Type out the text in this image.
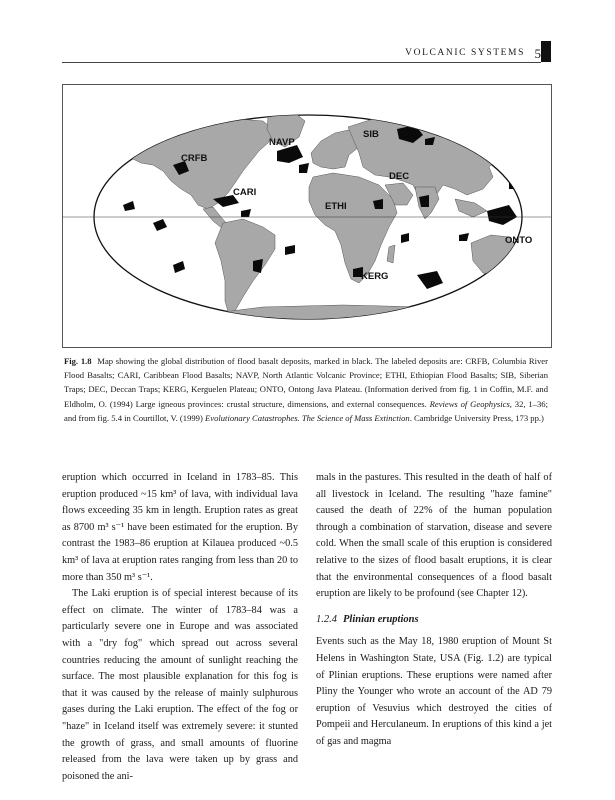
VOLCANIC SYSTEMS 5
CRFB
NAVP
SIB
CARI
DEC
ETHI
ONTO
KERG

Fig. 1.8 Map showing the global distribution of flood basalt deposits, marked in black. The labeled deposits are: CRFB, Columbia River Flood Basalts; CARI, Caribbean Flood Basalts; NAVP, North Atlantic Volcanic Province; ETHI, Ethiopian Flood Basalts; SIB, Siberian Traps; DEC, Deccan Traps; KERG, Kerguelen Plateau; ONTO, Ontong Java Plateau. (Information derived from fig. 1 in Coffin, M.F. and Eldholm, O. (1994) Large igneous provinces: crustal structure, dimensions, and external consequences. Reviews of Geophysics, 32, 1–36; and from fig. 5.4 in Courtillot, V. (1999) Evolutionary Catastrophes. The Science of Mass Extinction. Cambridge University Press, 173 pp.)

eruption which occurred in Iceland in 1783–85. This eruption produced ~15 km³ of lava, with individual lava flows exceeding 35 km in length. Eruption rates as great as 8700 m³ s⁻¹ have been estimated for the eruption. By contrast the 1983–86 eruption at Kilauea produced ~0.5 km³ of lava at eruption rates ranging from less than 20 to more than 350 m³ s⁻¹.

The Laki eruption is of special interest because of its effect on climate. The winter of 1783–84 was a particularly severe one in Europe and was associated with a "dry fog" which spread out across several countries reducing the amount of sunlight reaching the surface. The most plausible explanation for this fog is that it was caused by the release of mainly sulphurous gases during the Laki eruption. The effect of the fog or "haze" in Iceland itself was extremely severe: it stunted the growth of grass, and small amounts of fluorine released from the lava were taken up by grass and poisoned the ani-

mals in the pastures. This resulted in the death of half of all livestock in Iceland. The resulting "haze famine" caused the death of 22% of the human population through a combination of starvation, disease and severe cold. When the small scale of this eruption is considered relative to the sizes of flood basalt eruptions, it is clear that the environmental consequences of a flood basalt eruption are likely to be profound (see Chapter 12).

1.2.4 Plinian eruptions

Events such as the May 18, 1980 eruption of Mount St Helens in Washington State, USA (Fig. 1.2) are typical of Plinian eruptions. These eruptions were named after Pliny the Younger who wrote an account of the AD 79 eruption of Vesuvius which destroyed the cities of Pompeii and Herculaneum. In eruptions of this kind a jet of gas and magma
